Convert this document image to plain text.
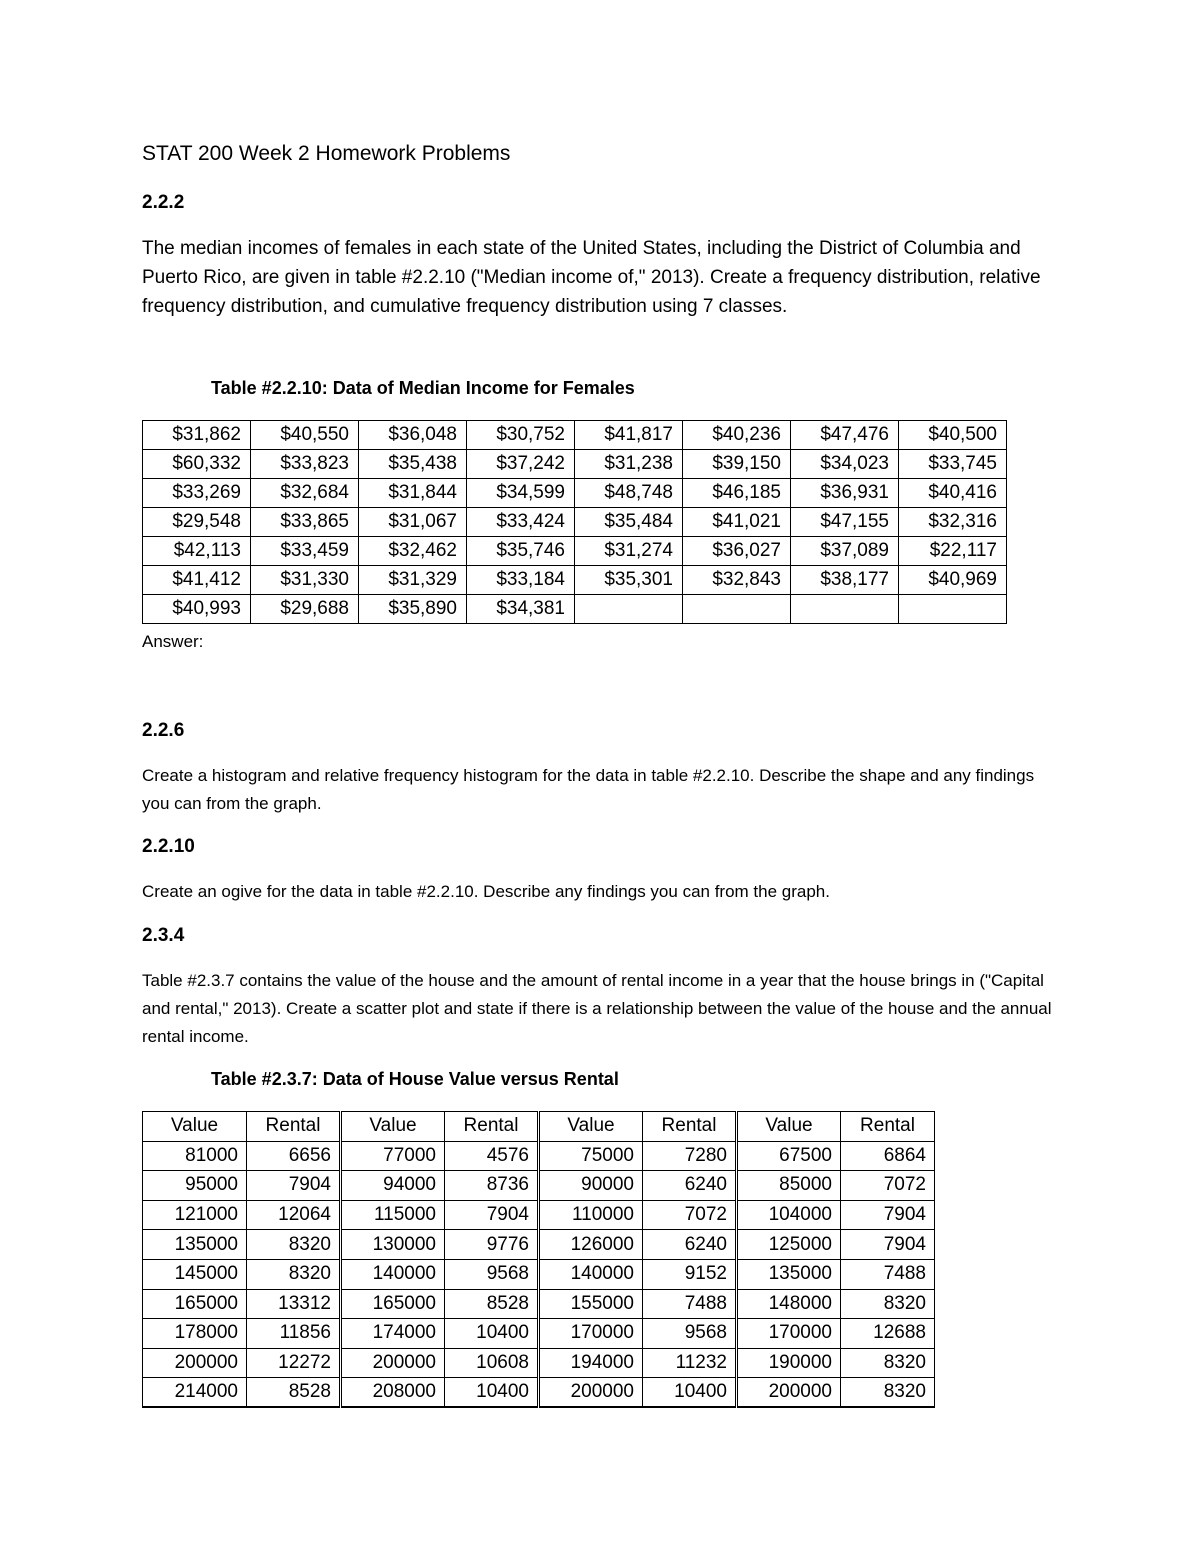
STAT 200 Week 2 Homework Problems
2.2.2
The median incomes of females in each state of the United States, including the District of Columbia and Puerto Rico, are given in table #2.2.10 ("Median income of," 2013). Create a frequency distribution, relative frequency distribution, and cumulative frequency distribution using 7 classes.
Table #2.2.10: Data of Median Income for Females
$31,862	$40,550	$36,048	$30,752	$41,817	$40,236	$47,476	$40,500
$60,332	$33,823	$35,438	$37,242	$31,238	$39,150	$34,023	$33,745
$33,269	$32,684	$31,844	$34,599	$48,748	$46,185	$36,931	$40,416
$29,548	$33,865	$31,067	$33,424	$35,484	$41,021	$47,155	$32,316
$42,113	$33,459	$32,462	$35,746	$31,274	$36,027	$37,089	$22,117
$41,412	$31,330	$31,329	$33,184	$35,301	$32,843	$38,177	$40,969
$40,993	$29,688	$35,890	$34,381				
Answer:
2.2.6
Create a histogram and relative frequency histogram for the data in table #2.2.10. Describe the shape and any findings you can from the graph.
2.2.10
Create an ogive for the data in table #2.2.10. Describe any findings you can from the graph.
2.3.4
Table #2.3.7 contains the value of the house and the amount of rental income in a year that the house brings in ("Capital and rental," 2013). Create a scatter plot and state if there is a relationship between the value of the house and the annual rental income.
Table #2.3.7: Data of House Value versus Rental
Value	Rental	Value	Rental	Value	Rental	Value	Rental
81000	6656	77000	4576	75000	7280	67500	6864
95000	7904	94000	8736	90000	6240	85000	7072
121000	12064	115000	7904	110000	7072	104000	7904
135000	8320	130000	9776	126000	6240	125000	7904
145000	8320	140000	9568	140000	9152	135000	7488
165000	13312	165000	8528	155000	7488	148000	8320
178000	11856	174000	10400	170000	9568	170000	12688
200000	12272	200000	10608	194000	11232	190000	8320
214000	8528	208000	10400	200000	10400	200000	8320
